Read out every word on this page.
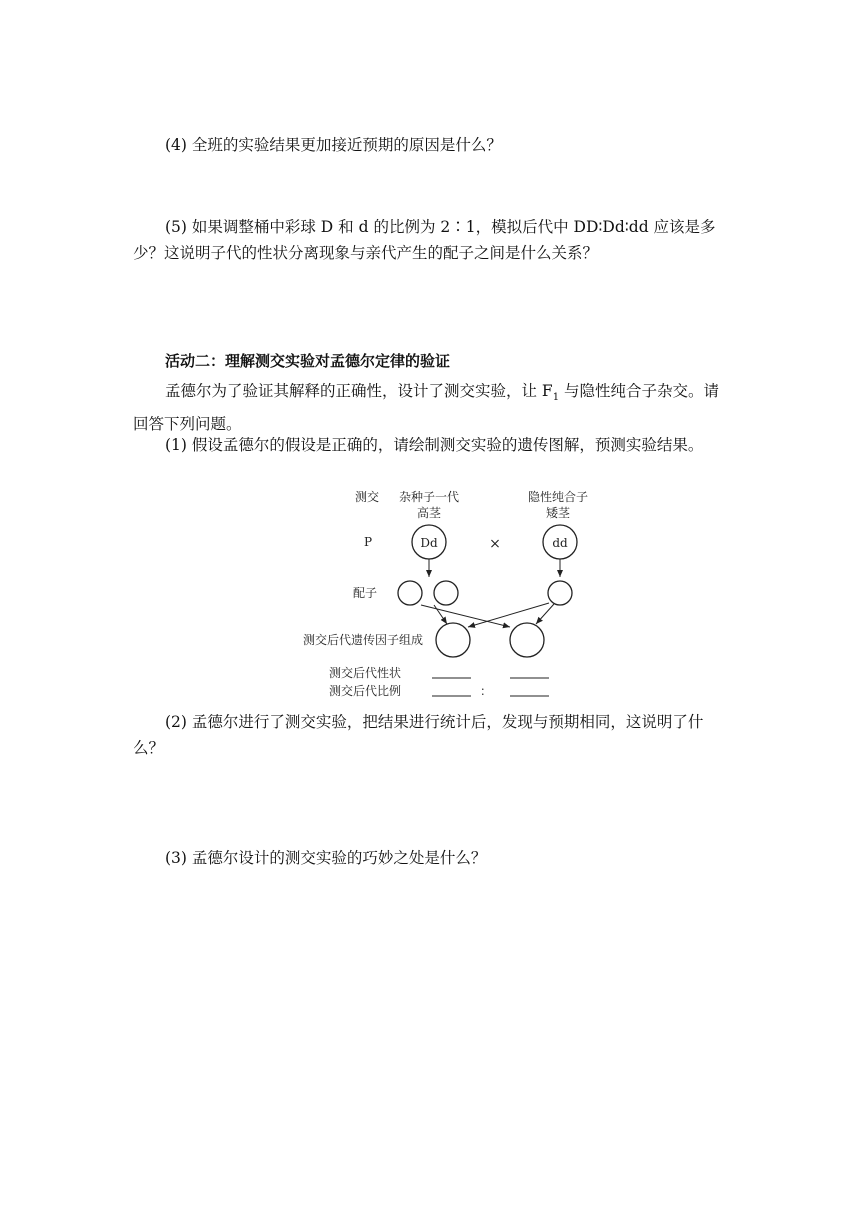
(4) 全班的实验结果更加接近预期的原因是什么？

(5) 如果调整桶中彩球 D 和 d 的比例为 2∶1，模拟后代中 DD∶Dd∶dd 应该是多少？这说明子代的性状分离现象与亲代产生的配子之间是什么关系？

活动二：理解测交实验对孟德尔定律的验证

孟德尔为了验证其解释的正确性，设计了测交实验，让 $F_1$ 与隐性纯合子杂交。请回答下列问题。

(1) 假设孟德尔的假设是正确的，请绘制测交实验的遗传图解，预测实验结果。

测交 杂种子一代
高茎
隐性纯合子
矮茎
P	Dd	×	dd
配子
测交后代遗传因子组成
测交后代性状
测交后代比例	：

(2) 孟德尔进行了测交实验，把结果进行统计后，发现与预期相同，这说明了什么？

(3) 孟德尔设计的测交实验的巧妙之处是什么？
